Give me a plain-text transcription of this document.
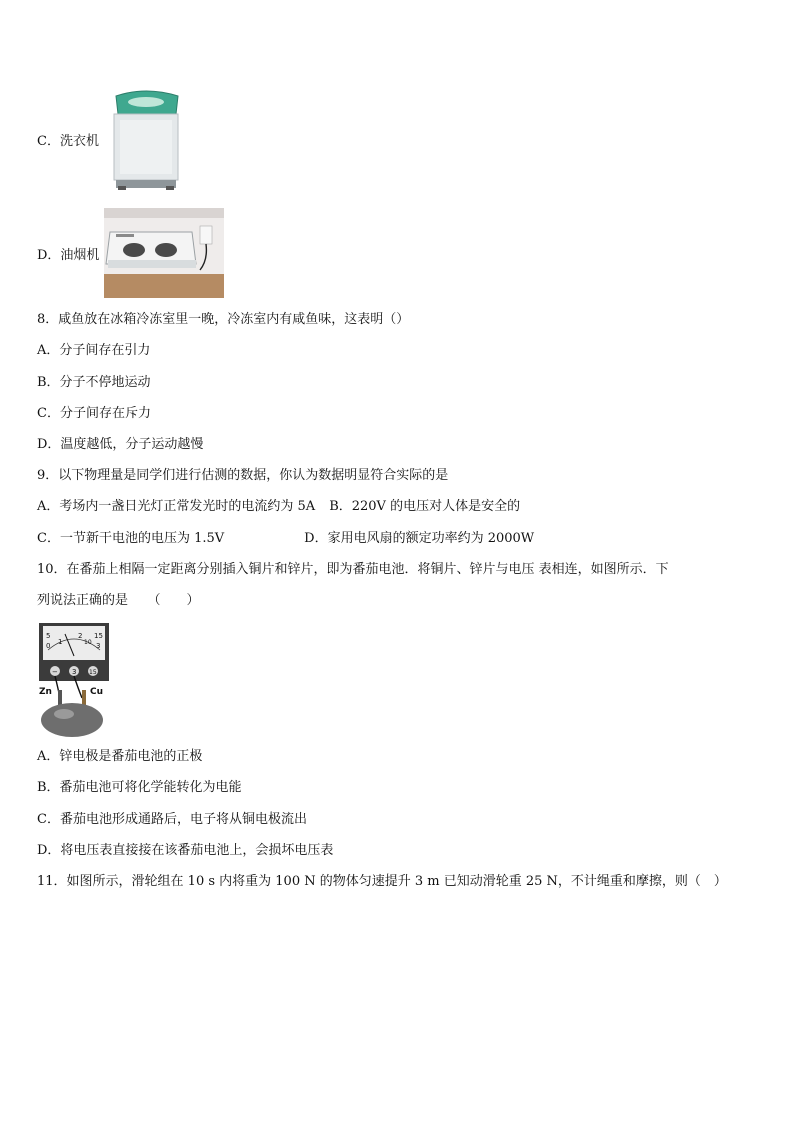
C．洗衣机
D．油烟机
8．咸鱼放在冰箱冷冻室里一晚，冷冻室内有咸鱼味，这表明（）
A．分子间存在引力
B．分子不停地运动
C．分子间存在斥力
D．温度越低，分子运动越慢
9．以下物理量是同学们进行估测的数据，你认为数据明显符合实际的是
A．考场内一盏日光灯正常发光时的电流约为 5A B．220V 的电压对人体是安全的
C．一节新干电池的电压为 1.5V	D．家用电风扇的额定功率约为 2000W
10．在番茄上相隔一定距离分别插入铜片和锌片，即为番茄电池．将铜片、锌片与电压 表相连，如图所示．下
列说法正确的是　　（　　）
5
0 1
2
10
15
3
− 3 15
Zn	Cu
A．锌电极是番茄电池的正极
B．番茄电池可将化学能转化为电能
C．番茄电池形成通路后，电子将从铜电极流出
D．将电压表直接接在该番茄电池上，会损坏电压表
11．如图所示，滑轮组在 10 s 内将重为 100 N 的物体匀速提升 3 m 已知动滑轮重 25 N，不计绳重和摩擦，则（　）
